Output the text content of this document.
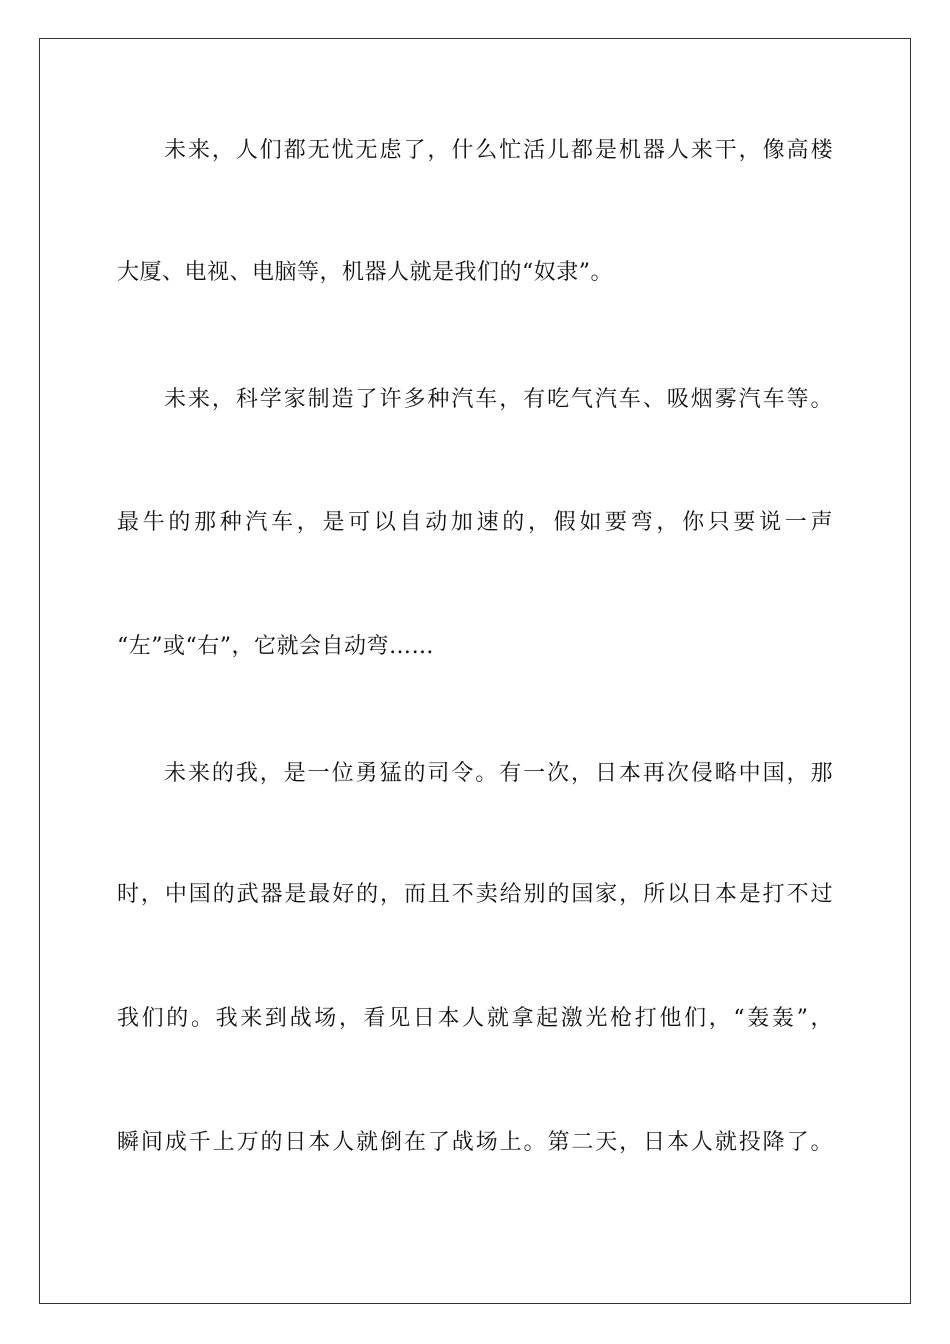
未来，人们都无忧无虑了，什么忙活儿都是机器人来干，像高楼
大厦、电视、电脑等，机器人就是我们的“奴隶”。
未来，科学家制造了许多种汽车，有吃气汽车、吸烟雾汽车等。
最牛的那种汽车，是可以自动加速的，假如要弯，你只要说一声
“左”或“右”，它就会自动弯……
未来的我，是一位勇猛的司令。有一次，日本再次侵略中国，那
时，中国的武器是最好的，而且不卖给别的国家，所以日本是打不过
我们的。我来到战场，看见日本人就拿起激光枪打他们，“轰轰”，
瞬间成千上万的日本人就倒在了战场上。第二天，日本人就投降了。
